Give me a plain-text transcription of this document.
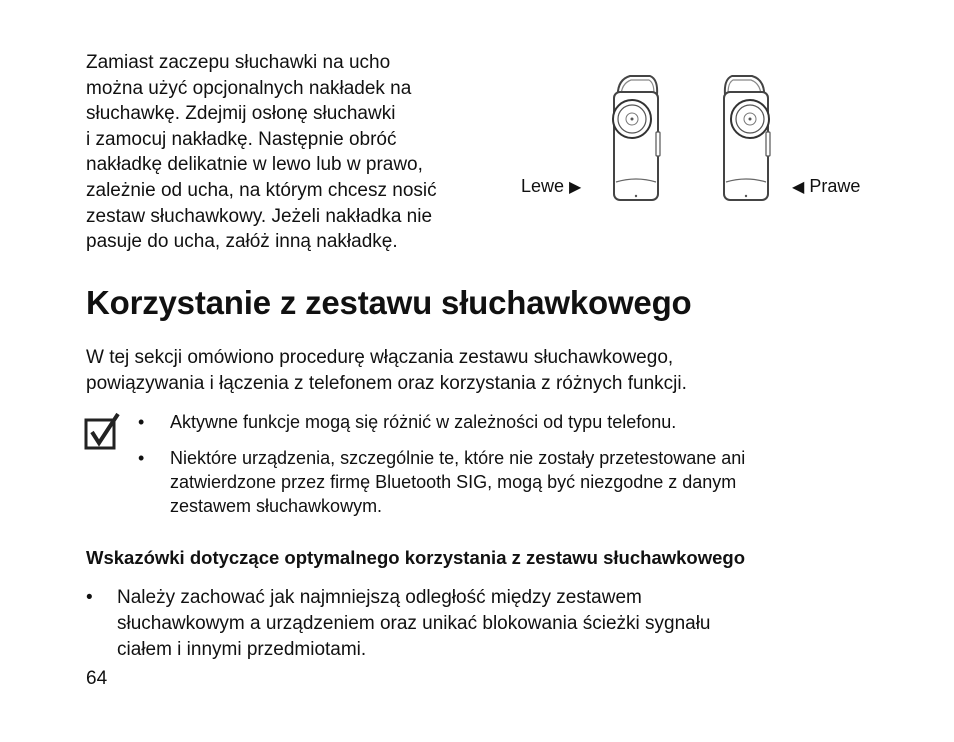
Zamiast zaczepu słuchawki na ucho
można użyć opcjonalnych nakładek na
słuchawkę. Zdejmij osłonę słuchawki
i zamocuj nakładkę. Następnie obróć
nakładkę delikatnie w lewo lub w prawo,
zależnie od ucha, na którym chcesz nosić
zestaw słuchawkowy. Jeżeli nakładka nie
pasuje do ucha, załóż inną nakładkę.
Lewe ▶	◀ Prawe
Korzystanie z zestawu słuchawkowego
W tej sekcji omówiono procedurę włączania zestawu słuchawkowego,
powiązywania i łączenia z telefonem oraz korzystania z różnych funkcji.
• Aktywne funkcje mogą się różnić w zależności od typu telefonu.
• Niektóre urządzenia, szczególnie te, które nie zostały przetestowane ani
zatwierdzone przez firmę Bluetooth SIG, mogą być niezgodne z danym
zestawem słuchawkowym.
Wskazówki dotyczące optymalnego korzystania z zestawu słuchawkowego
• Należy zachować jak najmniejszą odległość między zestawem
słuchawkowym a urządzeniem oraz unikać blokowania ścieżki sygnału
ciałem i innymi przedmiotami.
64
